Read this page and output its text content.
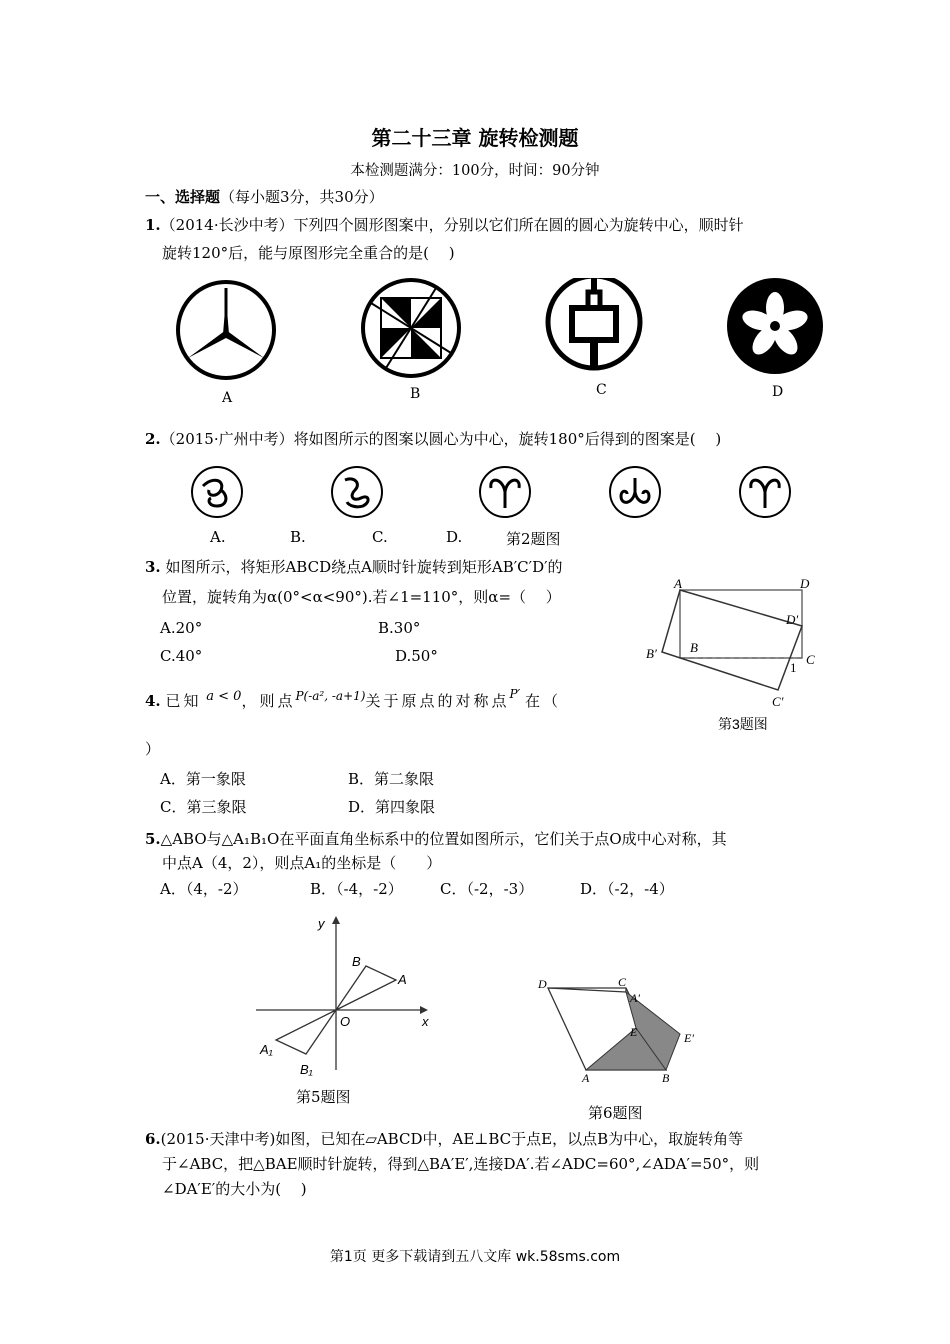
第二十三章 旋转检测题
本检测题满分：100分，时间：90分钟
一、选择题（每小题3分，共30分）
1.（2014·长沙中考）下列四个圆形图案中，分别以它们所在圆的圆心为旋转中心，顺时针
旋转120°后，能与原图形完全重合的是(　 )
A	B	C	D
2.（2015·广州中考）将如图所示的图案以圆心为中心，旋转180°后得到的图案是(　 )
A.	B.	C.	D.	第2题图
3. 如图所示，将矩形ABCD绕点A顺时针旋转到矩形AB′C′D′的
位置，旋转角为α(0°<α<90°).若∠1=110°，则α=（　 ）
A.20°	B.30°
C.40°	D.50°
A	D
D′
B
C
B′
1
C′
第3题图
4. 已知 a < 0，则点$^{P(-a^2, -a+1)}$关于原点的对称点$^{P'}$ 在（
）
A．第一象限	B．第二象限
C．第三象限	D．第四象限
5.△ABO与△A₁B₁O在平面直角坐标系中的位置如图所示，它们关于点O成中心对称，其
中点A（4，2），则点A₁的坐标是（　　）
A．（4，-2）	B．（-4，-2） C．（-2，-3）	D．（-2，-4）
y
x
O
A
B
A₁
B₁
第5题图
D	C
A′
E	E′
A	B
第6题图
6.(2015·天津中考)如图，已知在▱ABCD中，AE⊥BC于点E，以点B为中心，取旋转角等
于∠ABC，把△BAE顺时针旋转，得到△BA′E′,连接DA′.若∠ADC=60°,∠ADA′=50°，则
∠DA′E′的大小为(　 )
第1页 更多下载请到五八文库 wk.58sms.com
